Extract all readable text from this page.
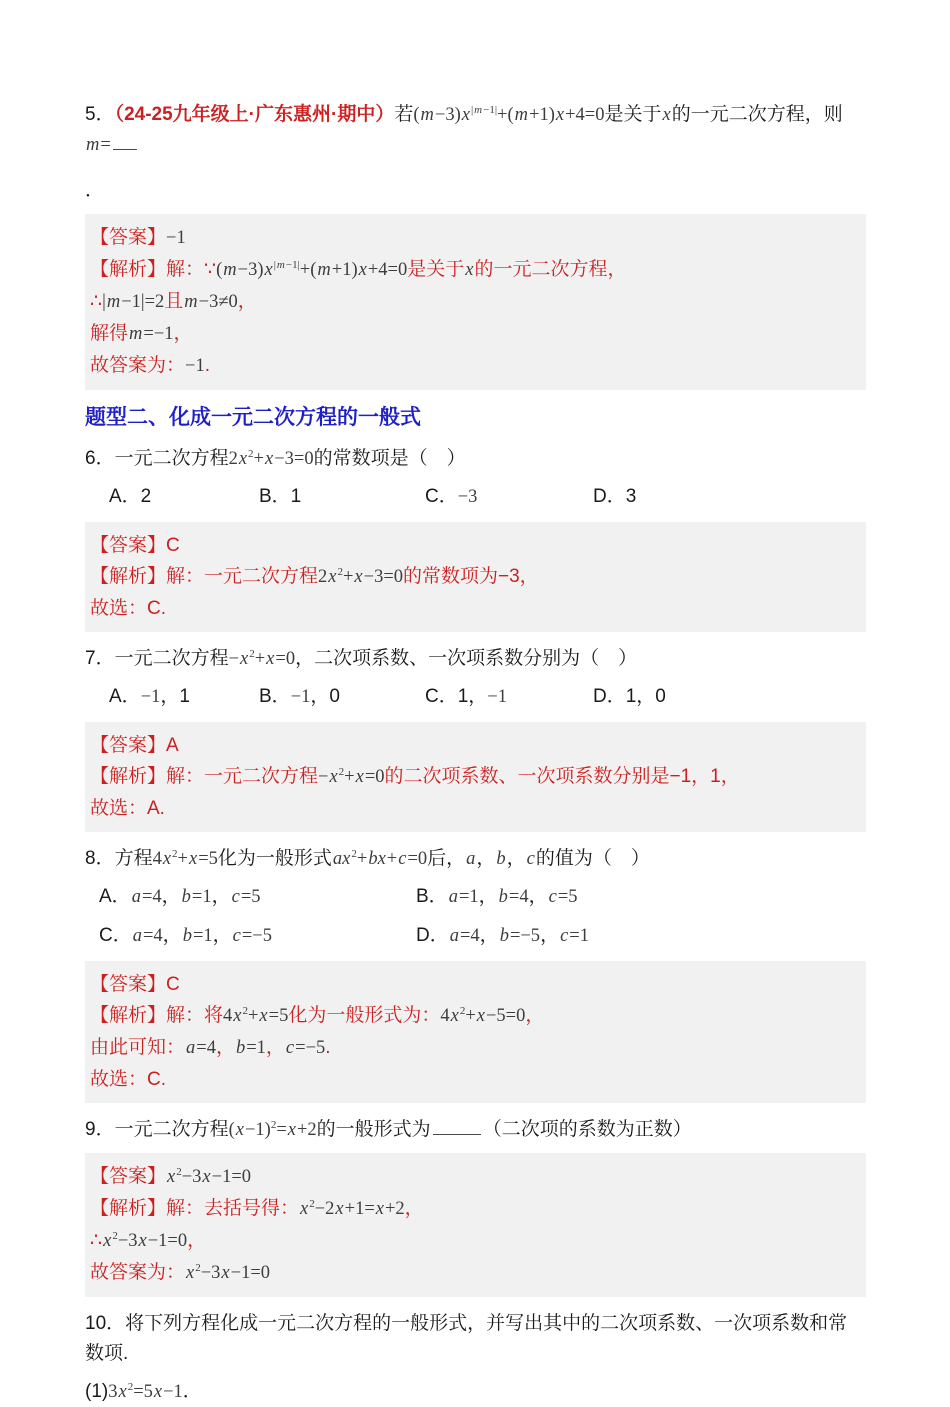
5．（24-25九年级上·广东惠州·期中）若$(m-3)x^{|m-1|}+(m+1)x+4=0$是关于x的一元二次方程，则m=
．
【答案】−1
【解析】解：$\because(m-3)x^{|m-1|}+(m+1)x+4=0$是关于x的一元二次方程，
∴|m−1|=2且m−3≠0，
解得m=−1，
故答案为：−1.
题型二、化成一元二次方程的一般式
6．一元二次方程$2x^2+x-3=0$的常数项是（　）
A．2	B．1	C．−3	D．3
【答案】C
【解析】解：一元二次方程$2x^2+x-3=0$的常数项为−3，
故选：C.
7．一元二次方程$-x^2+x=0$，二次项系数、一次项系数分别为（　）
A．−1，1	B．−1，0	C．1，−1	D．1，0
【答案】A
【解析】解：一元二次方程$-x^2+x=0$的二次项系数、一次项系数分别是−1，1，
故选：A.
8．方程$4x^2+x=5$化为一般形式$ax^2+bx+c=0$后，a，b，c的值为（　）
A．a=4，b=1，c=5	B．a=1，b=4，c=5
C．a=4，b=1，c=−5	D．a=4，b=−5，c=1
【答案】C
【解析】解：将$4x^2+x=5$化为一般形式为：$4x^2+x-5=0$，
由此可知：a=4，b=1，c=−5.
故选：C.
9．一元二次方程$(x-1)^2=x+2$的一般形式为	（二次项的系数为正数）
【答案】$x^2-3x-1=0$
【解析】解：去括号得：$x^2-2x+1=x+2$，
$\therefore x^2-3x-1=0$，
故答案为：$x^2-3x-1=0$
10．将下列方程化成一元二次方程的一般形式，并写出其中的二次项系数、一次项系数和常数项.
$(1)3x^2=5x-1$．
